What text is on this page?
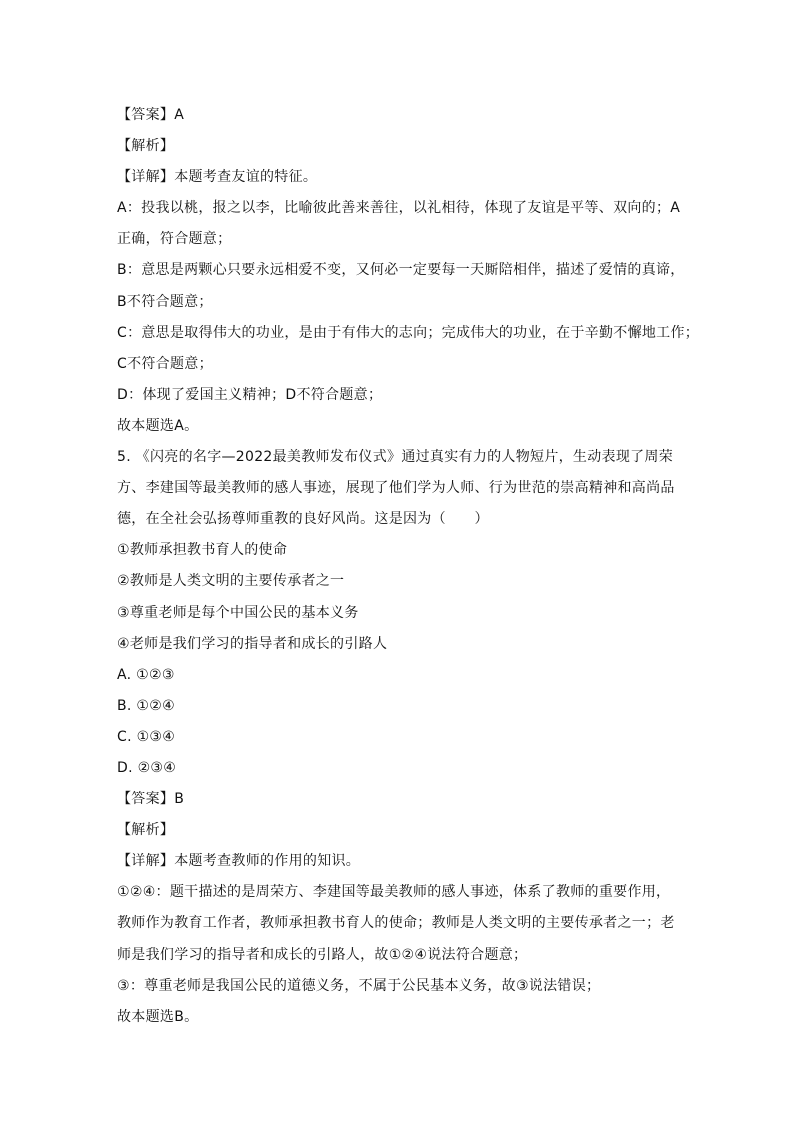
【答案】A
【解析】
【详解】本题考查友谊的特征。
A：投我以桃，报之以李，比喻彼此善来善往，以礼相待，体现了友谊是平等、双向的；A
正确，符合题意；
B：意思是两颗心只要永远相爱不变，又何必一定要每一天厮陪相伴，描述了爱情的真谛，
B不符合题意；
C：意思是取得伟大的功业，是由于有伟大的志向；完成伟大的功业，在于辛勤不懈地工作；
C不符合题意；
D：体现了爱国主义精神；D不符合题意；
故本题选A。
5. 《闪亮的名字—2022最美教师发布仪式》通过真实有力的人物短片，生动表现了周荣
方、李建国等最美教师的感人事迹，展现了他们学为人师、行为世范的崇高精神和高尚品
德，在全社会弘扬尊师重教的良好风尚。这是因为（　　）
①教师承担教书育人的使命
②教师是人类文明的主要传承者之一
③尊重老师是每个中国公民的基本义务
④老师是我们学习的指导者和成长的引路人
A. ①②③
B. ①②④
C. ①③④
D. ②③④
【答案】B
【解析】
【详解】本题考查教师的作用的知识。
①②④：题干描述的是周荣方、李建国等最美教师的感人事迹，体系了教师的重要作用，
教师作为教育工作者，教师承担教书育人的使命；教师是人类文明的主要传承者之一；老
师是我们学习的指导者和成长的引路人，故①②④说法符合题意；
③：尊重老师是我国公民的道德义务，不属于公民基本义务，故③说法错误；
故本题选B。
